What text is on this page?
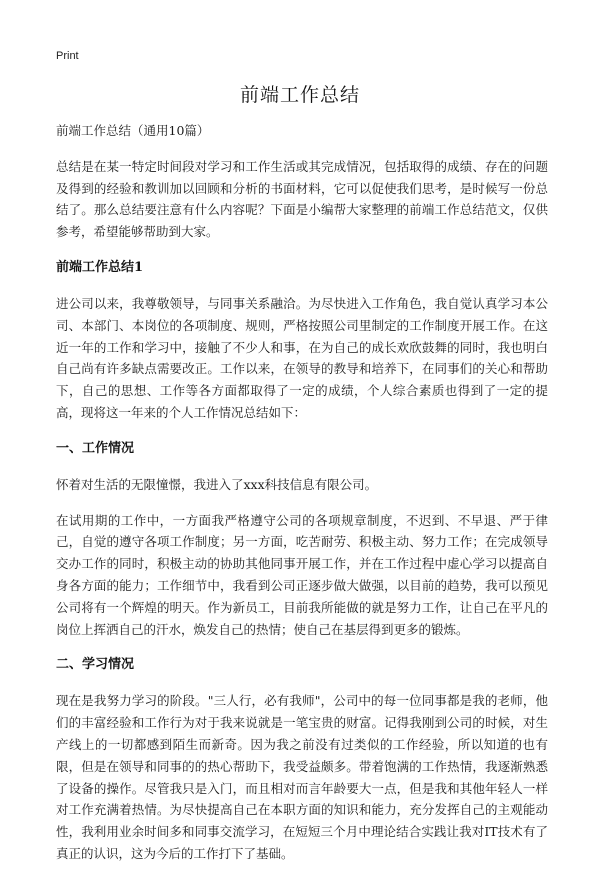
Print

前端工作总结

前端工作总结（通用10篇）

总结是在某一特定时间段对学习和工作生活或其完成情况，包括取得的成绩、存在的问题及得到的经验和教训加以回顾和分析的书面材料，它可以促使我们思考，是时候写一份总结了。那么总结要注意有什么内容呢？下面是小编帮大家整理的前端工作总结范文，仅供参考，希望能够帮助到大家。

前端工作总结1

进公司以来，我尊敬领导，与同事关系融洽。为尽快进入工作角色，我自觉认真学习本公司、本部门、本岗位的各项制度、规则，严格按照公司里制定的工作制度开展工作。在这近一年的工作和学习中，接触了不少人和事，在为自己的成长欢欣鼓舞的同时，我也明白自己尚有许多缺点需要改正。工作以来，在领导的教导和培养下，在同事们的关心和帮助下，自己的思想、工作等各方面都取得了一定的成绩，个人综合素质也得到了一定的提高，现将这一年来的个人工作情况总结如下：

一、工作情况

怀着对生活的无限憧憬，我进入了xxx科技信息有限公司。

在试用期的工作中，一方面我严格遵守公司的各项规章制度，不迟到、不早退、严于律己，自觉的遵守各项工作制度；另一方面，吃苦耐劳、积极主动、努力工作；在完成领导交办工作的同时，积极主动的协助其他同事开展工作，并在工作过程中虚心学习以提高自身各方面的能力；工作细节中，我看到公司正逐步做大做强，以目前的趋势，我可以预见公司将有一个辉煌的明天。作为新员工，目前我所能做的就是努力工作，让自己在平凡的岗位上挥洒自己的汗水，焕发自己的热情；使自己在基层得到更多的锻炼。

二、学习情况

现在是我努力学习的阶段。"三人行，必有我师"，公司中的每一位同事都是我的老师，他们的丰富经验和工作行为对于我来说就是一笔宝贵的财富。记得我刚到公司的时候，对生产线上的一切都感到陌生而新奇。因为我之前没有过类似的工作经验，所以知道的也有限，但是在领导和同事的的热心帮助下，我受益颇多。带着饱满的工作热情，我逐渐熟悉了设备的操作。尽管我只是入门，而且相对而言年龄要大一点，但是我和其他年轻人一样对工作充满着热情。为尽快提高自己在本职方面的知识和能力，充分发挥自己的主观能动性，我利用业余时间多和同事交流学习，在短短三个月中理论结合实践让我对IT技术有了真正的认识，这为今后的工作打下了基础。
